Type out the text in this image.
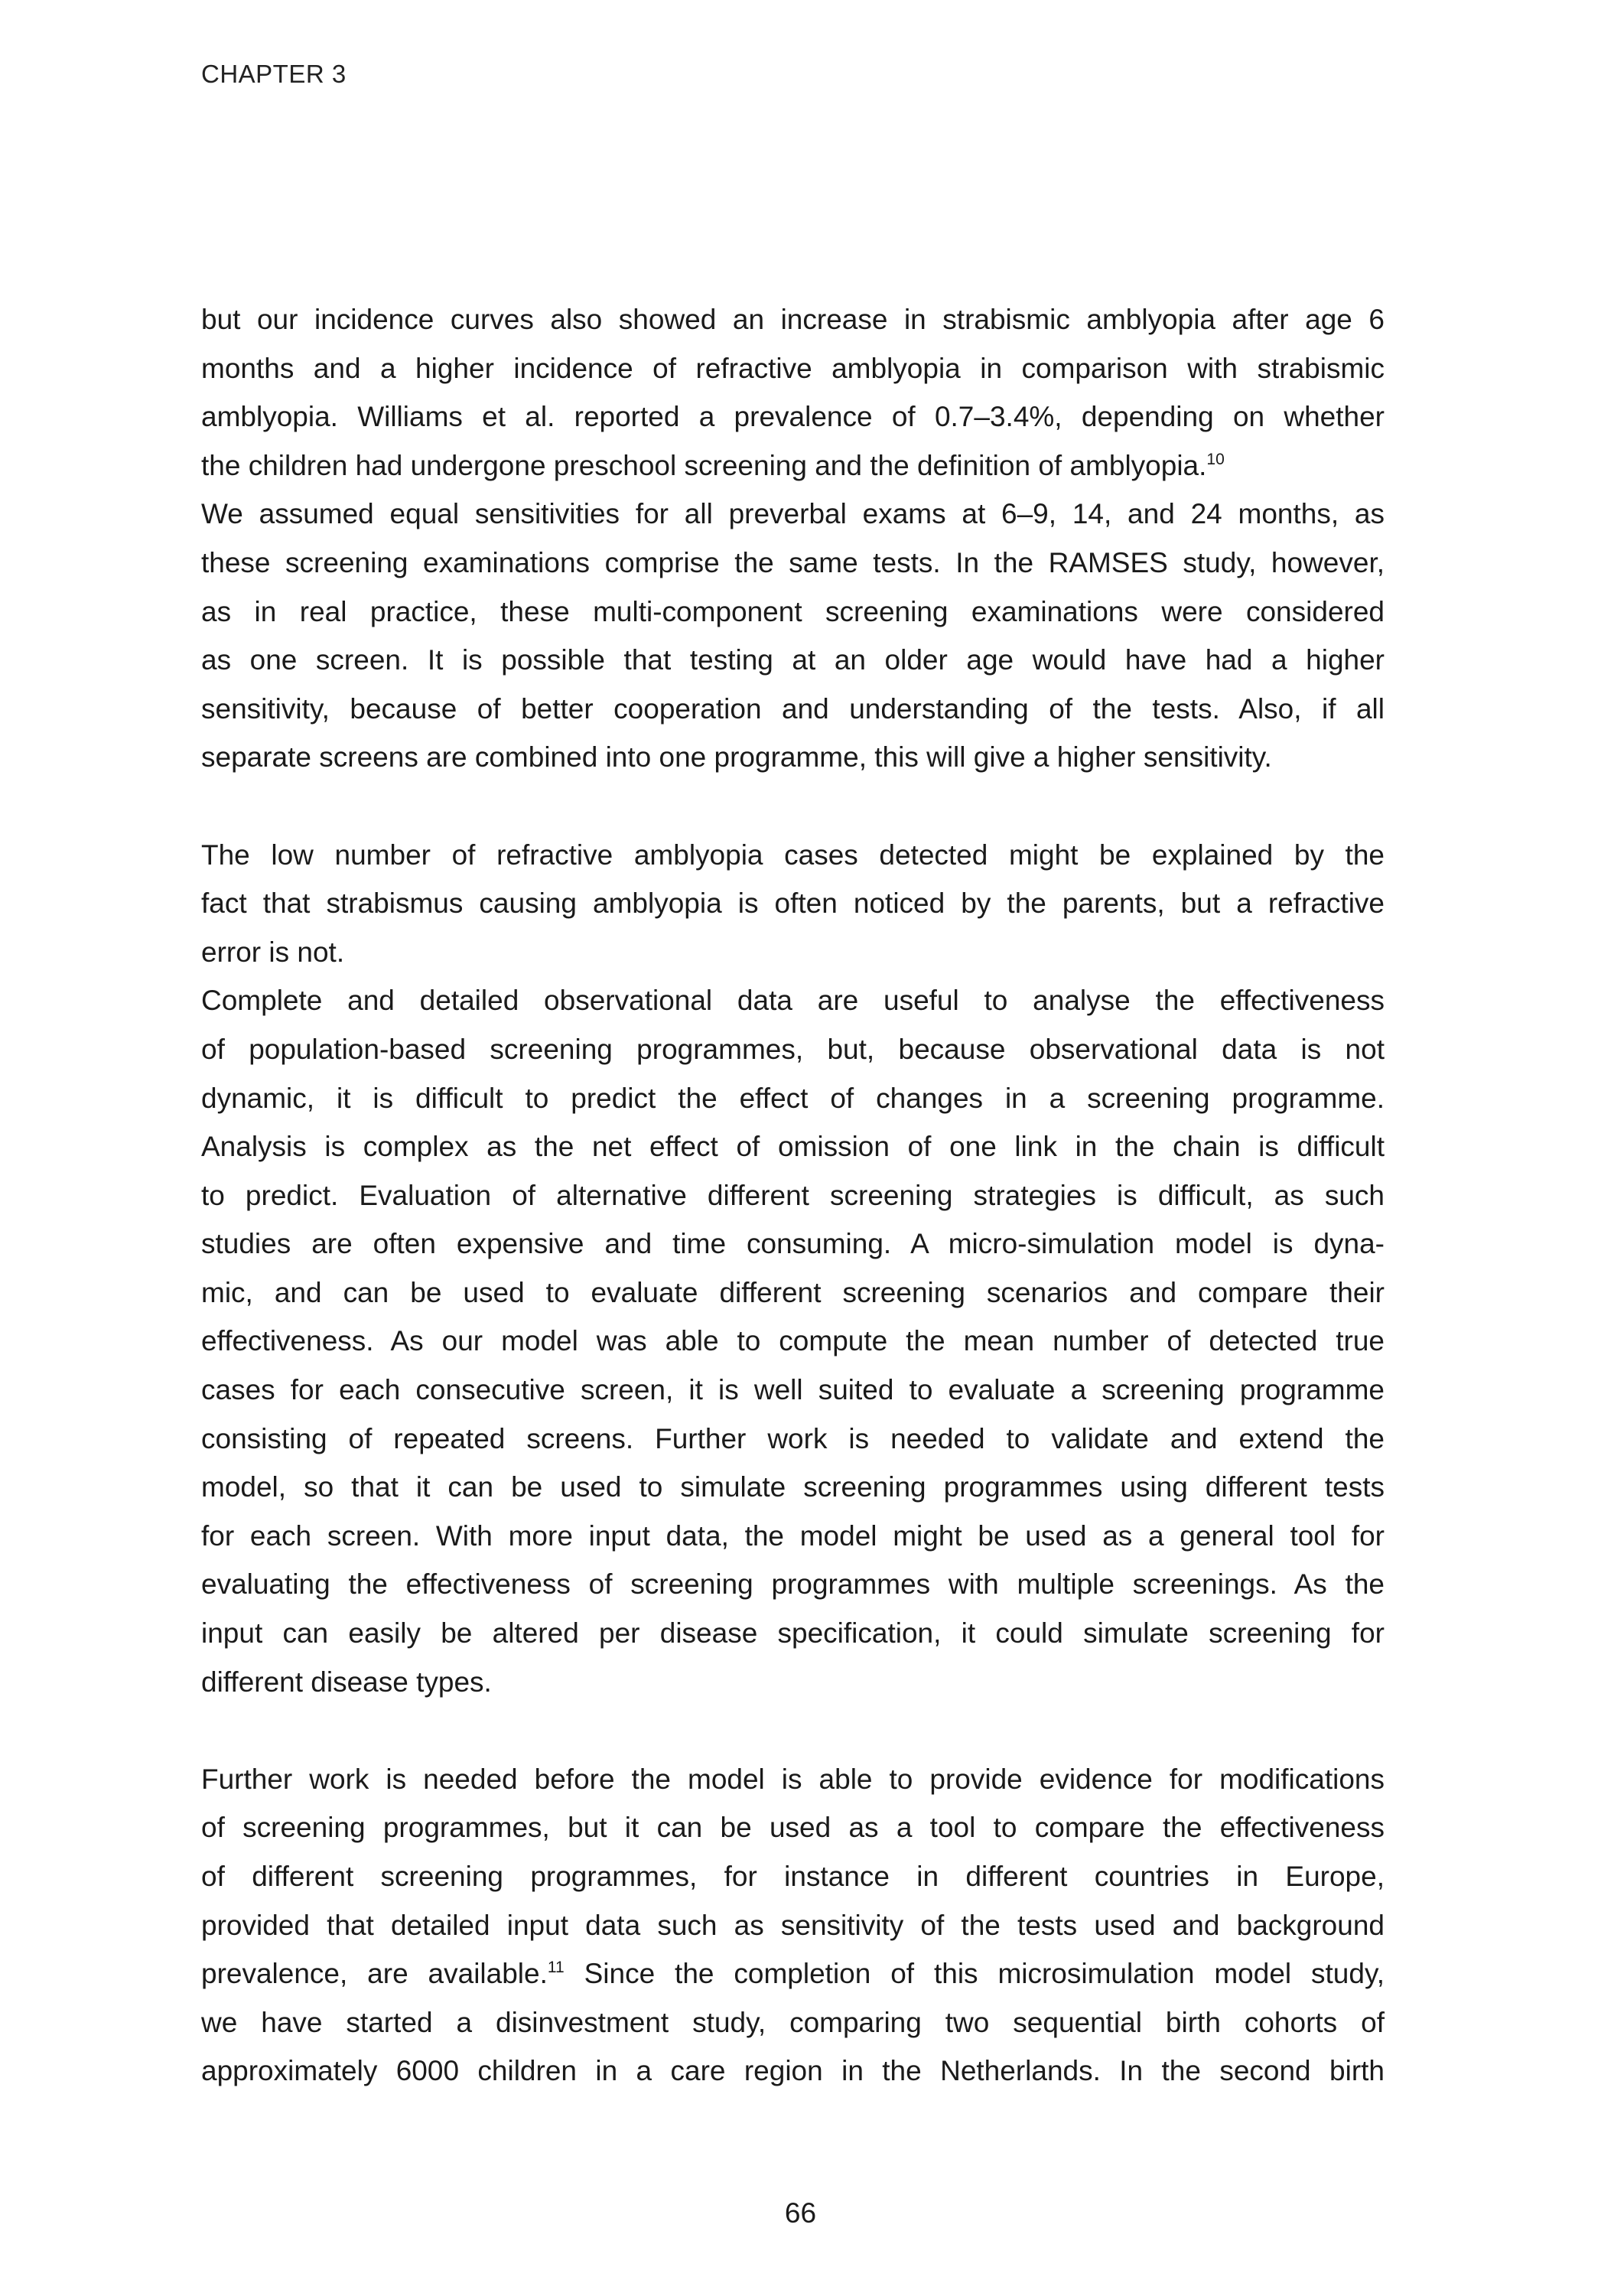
CHAPTER 3
but our incidence curves also showed an increase in strabismic amblyopia after age 6
months and a higher incidence of refractive amblyopia in comparison with strabismic
amblyopia. Williams et al. reported a prevalence of 0.7–3.4%, depending on whether
the children had undergone preschool screening and the definition of amblyopia.$^{10}$
We assumed equal sensitivities for all preverbal exams at 6–9, 14, and 24 months, as
these screening examinations comprise the same tests. In the RAMSES study, however,
as in real practice, these multi-component screening examinations were considered
as one screen. It is possible that testing at an older age would have had a higher
sensitivity, because of better cooperation and understanding of the tests. Also, if all
separate screens are combined into one programme, this will give a higher sensitivity.
The low number of refractive amblyopia cases detected might be explained by the
fact that strabismus causing amblyopia is often noticed by the parents, but a refractive
error is not.
Complete and detailed observational data are useful to analyse the effectiveness
of population-based screening programmes, but, because observational data is not
dynamic, it is difficult to predict the effect of changes in a screening programme.
Analysis is complex as the net effect of omission of one link in the chain is difficult
to predict. Evaluation of alternative different screening strategies is difficult, as such
studies are often expensive and time consuming. A micro-simulation model is dyna-
mic, and can be used to evaluate different screening scenarios and compare their
effectiveness. As our model was able to compute the mean number of detected true
cases for each consecutive screen, it is well suited to evaluate a screening programme
consisting of repeated screens. Further work is needed to validate and extend the
model, so that it can be used to simulate screening programmes using different tests
for each screen. With more input data, the model might be used as a general tool for
evaluating the effectiveness of screening programmes with multiple screenings. As the
input can easily be altered per disease specification, it could simulate screening for
different disease types.
Further work is needed before the model is able to provide evidence for modifications
of screening programmes, but it can be used as a tool to compare the effectiveness
of different screening programmes, for instance in different countries in Europe,
provided that detailed input data such as sensitivity of the tests used and background
prevalence, are available.$^{11}$ Since the completion of this microsimulation model study,
we have started a disinvestment study, comparing two sequential birth cohorts of
approximately 6000 children in a care region in the Netherlands. In the second birth
66
